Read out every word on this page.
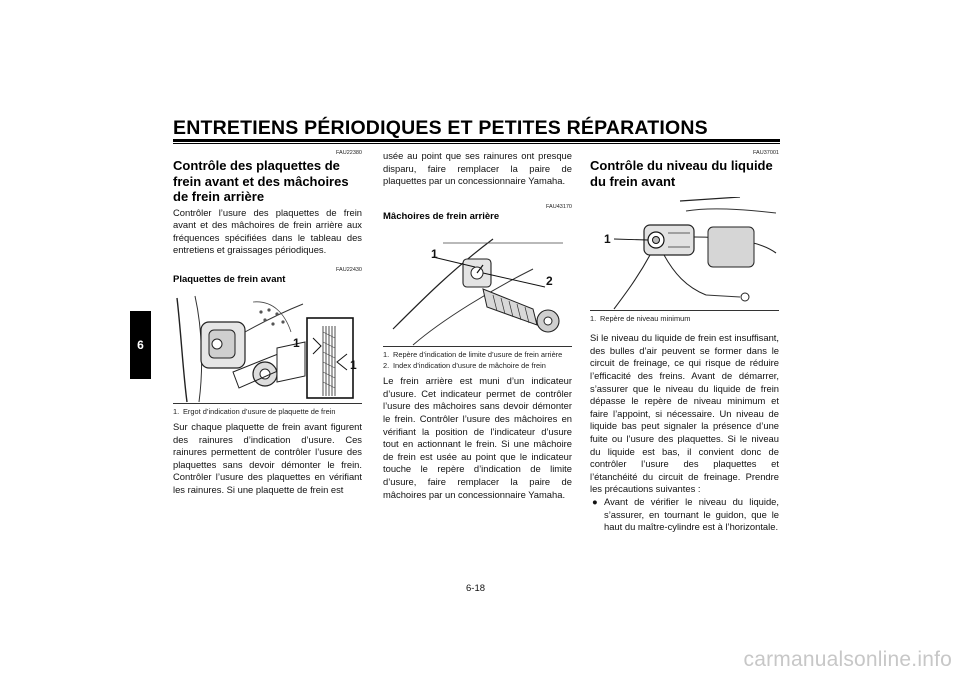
ENTRETIENS PÉRIODIQUES ET PETITES RÉPARATIONS
6
FAU22380
Contrôle des plaquettes de frein avant et des mâchoires de frein arrière
Contrôler l’usure des plaquettes de frein avant et des mâchoires de frein arrière aux fréquences spécifiées dans le tableau des entretiens et graissages périodiques.
FAU22430
Plaquettes de frein avant
1
1
1. Ergot d’indication d’usure de plaquette de frein
Sur chaque plaquette de frein avant figurent des rainures d’indication d’usure. Ces rainures permettent de contrôler l’usure des plaquettes sans devoir démonter le frein. Contrôler l’usure des plaquettes en vérifiant les rainures. Si une plaquette de frein est
usée au point que ses rainures ont presque disparu, faire remplacer la paire de plaquettes par un concessionnaire Yamaha.
FAU43170
Mâchoires de frein arrière
1
2
1. Repère d’indication de limite d’usure de frein arrière
2. Index d’indication d’usure de mâchoire de frein
Le frein arrière est muni d’un indicateur d’usure. Cet indicateur permet de contrôler l’usure des mâchoires sans devoir démonter le frein. Contrôler l’usure des mâchoires en vérifiant la position de l’indicateur d’usure tout en actionnant le frein. Si une mâchoire de frein est usée au point que le indicateur touche le repère d’indication de limite d’usure, faire remplacer la paire de mâchoires par un concessionnaire Yamaha.
FAU37001
Contrôle du niveau du liquide du frein avant
1
1. Repère de niveau minimum
Si le niveau du liquide de frein est insuffisant, des bulles d’air peuvent se former dans le circuit de freinage, ce qui risque de réduire l’efficacité des freins. Avant de démarrer, s’assurer que le niveau du liquide de frein dépasse le repère de niveau minimum et faire l’appoint, si nécessaire. Un niveau de liquide bas peut signaler la présence d’une fuite ou l’usure des plaquettes. Si le niveau du liquide est bas, il convient donc de contrôler l’usure des plaquettes et l’étanchéité du circuit de freinage. Prendre les précautions suivantes :
● Avant de vérifier le niveau du liquide, s’assurer, en tournant le guidon, que le haut du maître-cylindre est à l’horizontale.
6-18
carmanualsonline.info
